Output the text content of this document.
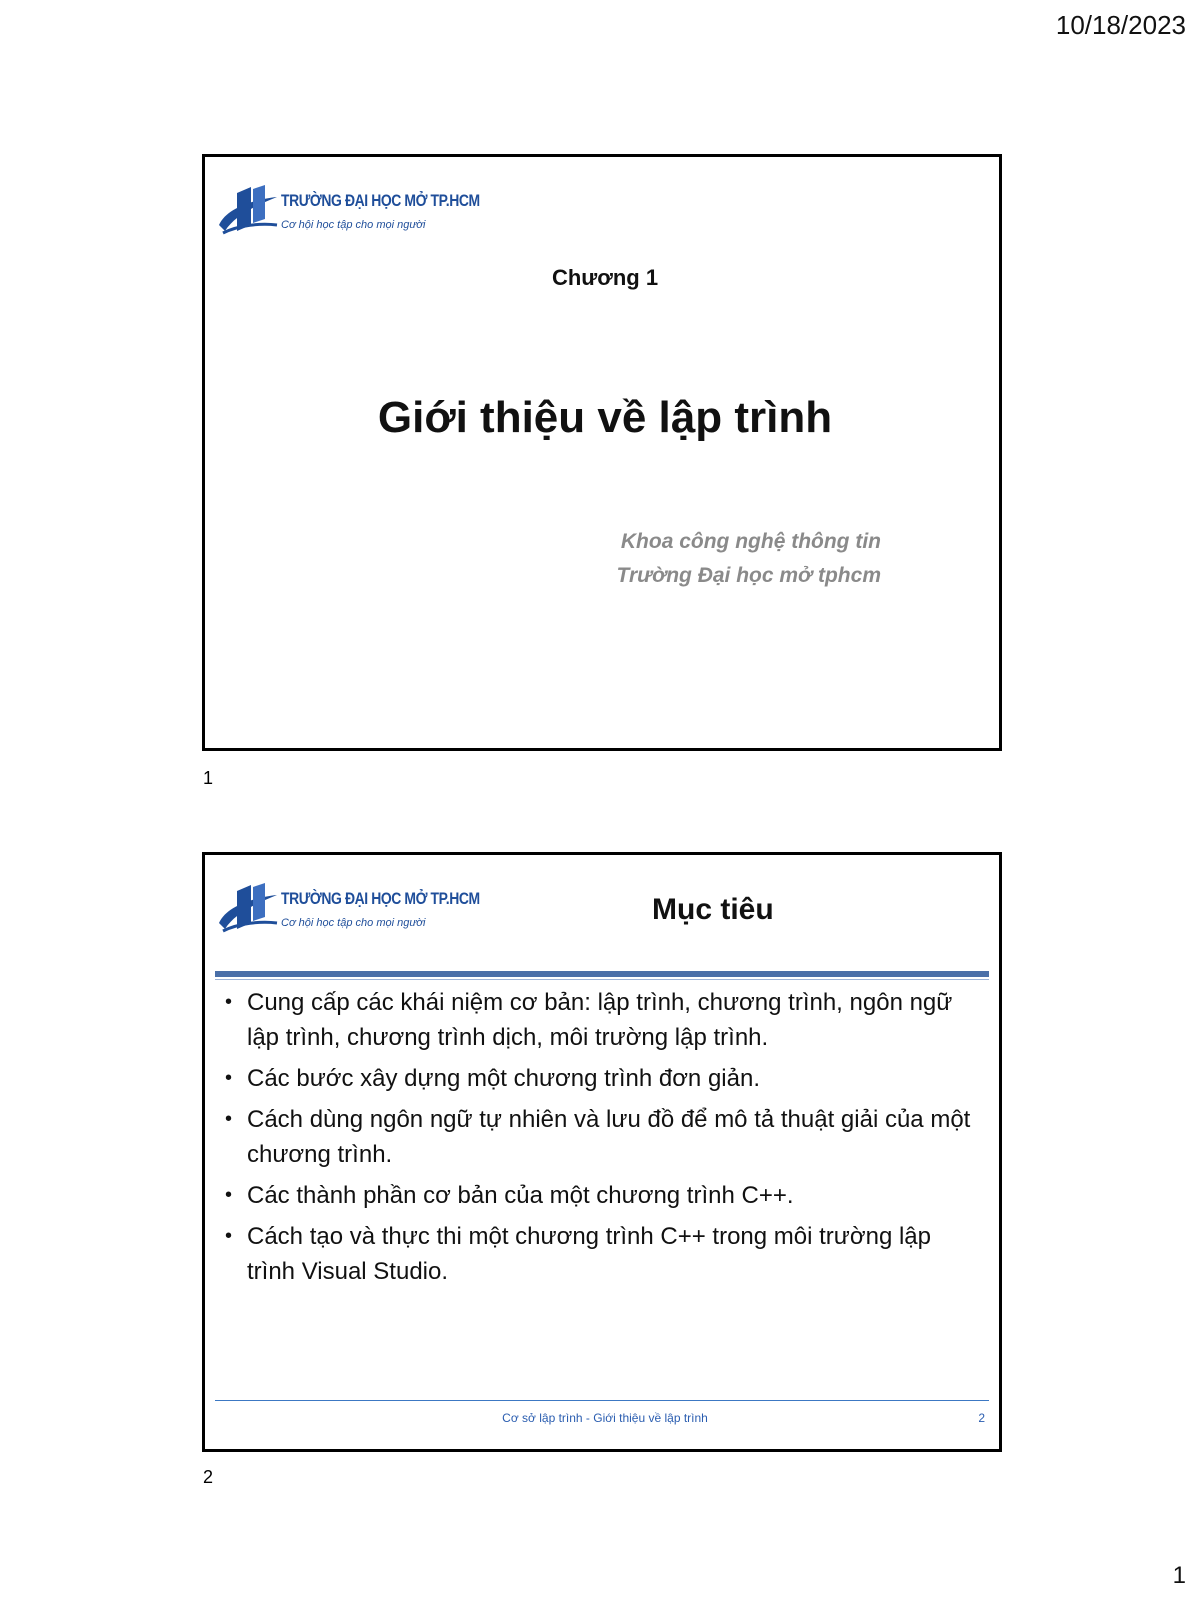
10/18/2023
TRƯỜNG ĐẠI HỌC MỞ TP.HCM
Cơ hội học tập cho mọi người
Chương 1
Giới thiệu về lập trình
Khoa công nghệ thông tin
Trường Đại học mở tphcm
1
TRƯỜNG ĐẠI HỌC MỞ TP.HCM
Cơ hội học tập cho mọi người	Mục tiêu
• Cung cấp các khái niệm cơ bản: lập trình, chương trình, ngôn ngữ lập trình, chương trình dịch, môi trường lập trình.
• Các bước xây dựng một chương trình đơn giản.
• Cách dùng ngôn ngữ tự nhiên và lưu đồ để mô tả thuật giải của một chương trình.
• Các thành phần cơ bản của một chương trình C++.
• Cách tạo và thực thi một chương trình C++ trong môi trường lập trình Visual Studio.
Cơ sở lập trình - Giới thiệu về lập trình	2
2
1
